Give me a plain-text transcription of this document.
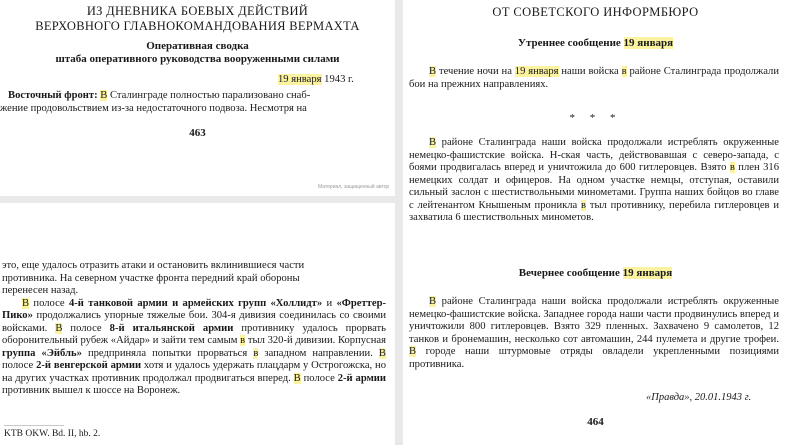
ИЗ ДНЕВНИКА БОЕВЫХ ДЕЙСТВИЙ
ВЕРХОВНОГО ГЛАВНОКОМАНДОВАНИЯ ВЕРМАХТА
Оперативная сводка
штаба оперативного руководства вооруженными силами
19 января 1943 г.
Восточный фронт: В Сталинграде полностью парализовано снаб-
жение продовольствием из-за недостаточного подвоза. Несмотря на
463
Материал, защищенный автор

это, еще удалось отразить атаки и остановить вклинившиеся части

противника. На северном участке фронта передний край обороны

перенесен назад.

В полосе 4-й танковой армии и армейских групп «Холлидт» и «Фреттер-Пико» продолжались упорные тяжелые бои. 304-я дивизия соединилась со своими войсками. В полосе 8-й итальянской армии противнику удалось прорвать оборонительный рубеж «Айдар» и зайти тем самым в тыл 320-й дивизии. Корпусная группа «Эйбль» предприняла попытки прорваться в западном направлении. В полосе 2-й венгерской армии хотя и удалось удержать плацдарм у Острогожска, но на других участках противник продолжал продвигаться вперед. В полосе 2-й армии противник вышел к шоссе на Воронеж.

KTB OKW. Bd. II, hb. 2.
ОТ СОВЕТСКОГО ИНФОРМБЮРО
Утреннее сообщение 19 января

В течение ночи на 19 января наши войска в районе Сталинграда продолжали бои на прежних направлениях.

* * *

В районе Сталинграда наши войска продолжали истреблять окруженные немецко-фашистские войска. Н-ская часть, действовавшая с северо-запада, с боями продвигалась вперед и уничтожила до 600 гитлеровцев. Взято в плен 316 немецких солдат и офицеров. На одном участке немцы, отступая, оставили сильный заслон с шестиствольными минометами. Группа наших бойцов во главе с лейтенантом Кнышеным проникла в тыл противнику, перебила гитлеровцев и захватила 6 шестиствольных минометов.

Вечернее сообщение 19 января

В районе Сталинграда наши войска продолжали истреблять окруженные немецко-фашистские войска. Западнее города наши части продвинулись вперед и уничтожили 800 гитлеровцев. Взято 329 пленных. Захвачено 9 самолетов, 12 танков и бронемашин, несколько сот автомашин, 244 пулемета и другие трофеи. В городе наши штурмовые отряды овладели укрепленными позициями противника.

«Правда», 20.01.1943 г.
464
